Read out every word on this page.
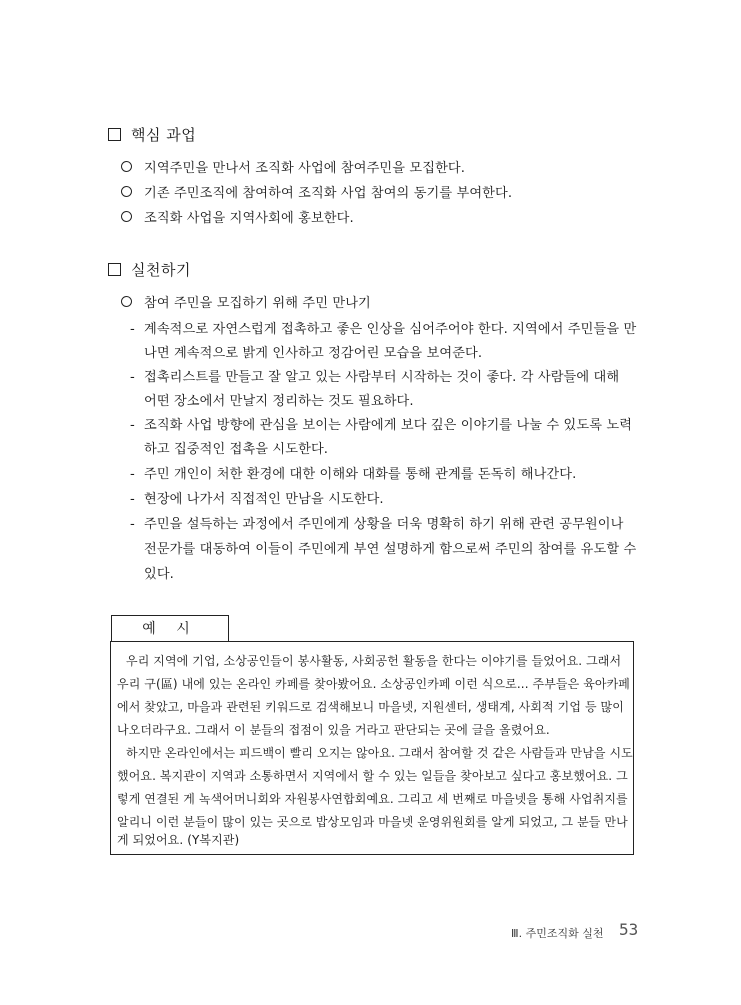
핵심 과업
지역주민을 만나서 조직화 사업에 참여주민을 모집한다.
기존 주민조직에 참여하여 조직화 사업 참여의 동기를 부여한다.
조직화 사업을 지역사회에 홍보한다.
실천하기
참여 주민을 모집하기 위해 주민 만나기
- 계속적으로 자연스럽게 접촉하고 좋은 인상을 심어주어야 한다. 지역에서 주민들을 만
나면 계속적으로 밝게 인사하고 정감어린 모습을 보여준다.
- 접촉리스트를 만들고 잘 알고 있는 사람부터 시작하는 것이 좋다. 각 사람들에 대해
어떤 장소에서 만날지 정리하는 것도 필요하다.
- 조직화 사업 방향에 관심을 보이는 사람에게 보다 깊은 이야기를 나눌 수 있도록 노력
하고 집중적인 접촉을 시도한다.
- 주민 개인이 처한 환경에 대한 이해와 대화를 통해 관계를 돈독히 해나간다.
- 현장에 나가서 직접적인 만남을 시도한다.
- 주민을 설득하는 과정에서 주민에게 상황을 더욱 명확히 하기 위해 관련 공무원이나
전문가를 대동하여 이들이 주민에게 부연 설명하게 함으로써 주민의 참여를 유도할 수
있다.
예 시
우리 지역에 기업, 소상공인들이 봉사활동, 사회공헌 활동을 한다는 이야기를 들었어요. 그래서
우리 구(區) 내에 있는 온라인 카페를 찾아봤어요. 소상공인카페 이런 식으로... 주부들은 육아카페
에서 찾았고, 마을과 관련된 키워드로 검색해보니 마을넷, 지원센터, 생태계, 사회적 기업 등 많이
나오더라구요. 그래서 이 분들의 접점이 있을 거라고 판단되는 곳에 글을 올렸어요.
하지만 온라인에서는 피드백이 빨리 오지는 않아요. 그래서 참여할 것 같은 사람들과 만남을 시도
했어요. 복지관이 지역과 소통하면서 지역에서 할 수 있는 일들을 찾아보고 싶다고 홍보했어요. 그
렇게 연결된 게 녹색어머니회와 자원봉사연합회예요. 그리고 세 번째로 마을넷을 통해 사업취지를
알리니 이런 분들이 많이 있는 곳으로 밥상모임과 마을넷 운영위원회를 알게 되었고, 그 분들 만나
게 되었어요. (Y복지관)
Ⅲ. 주민조직화 실천 53
